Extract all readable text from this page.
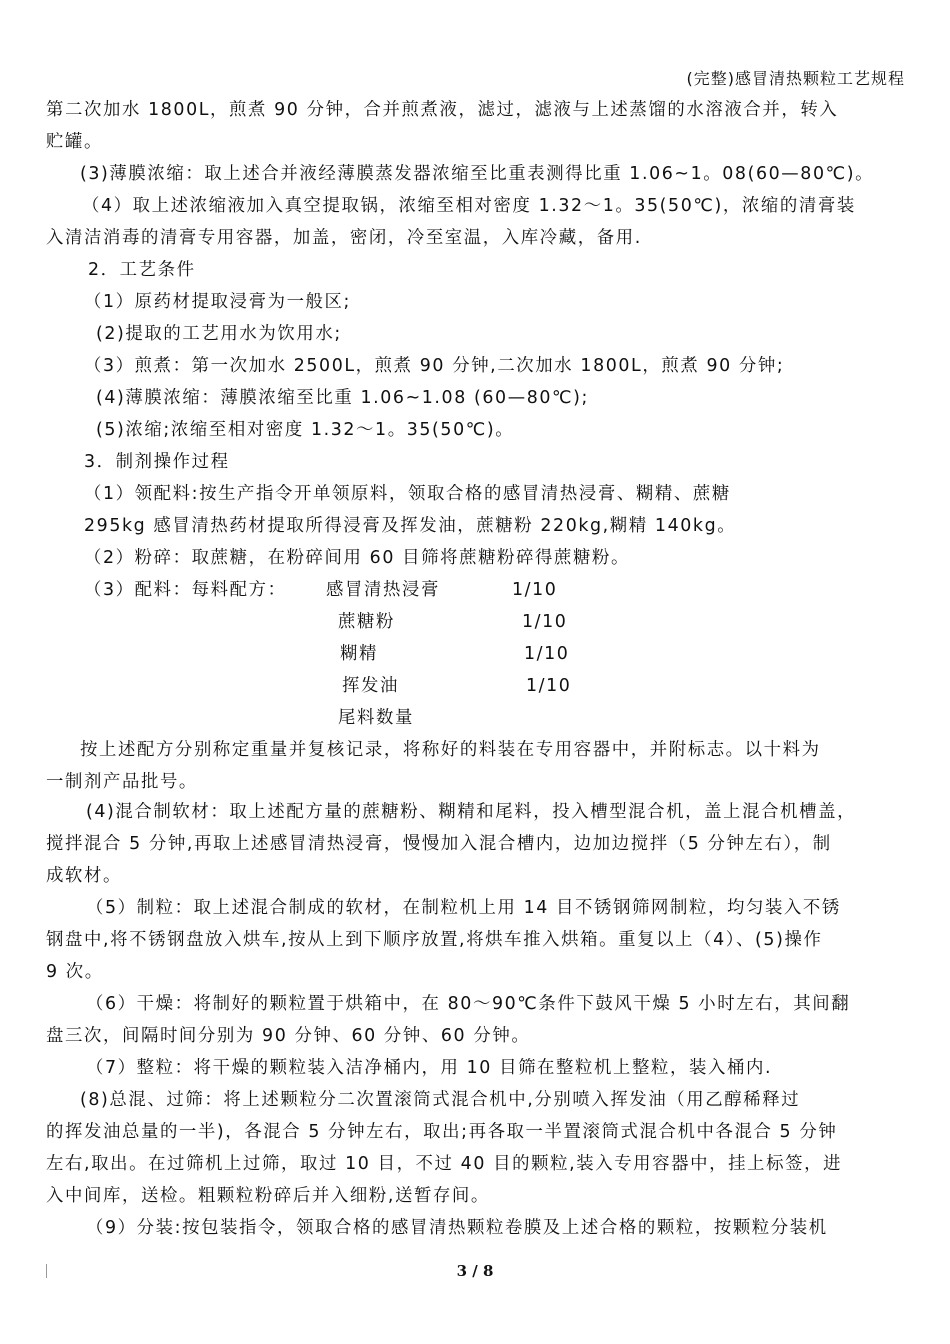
(完整)感冒清热颗粒工艺规程
第二次加水 1800L，煎煮 90 分钟，合并煎煮液，滤过，滤液与上述蒸馏的水溶液合并，转入
贮罐。
(3)薄膜浓缩：取上述合并液经薄膜蒸发器浓缩至比重表测得比重 1.06~1。08(60—80℃)。
（4）取上述浓缩液加入真空提取锅，浓缩至相对密度 1.32～1。35(50℃)，浓缩的清膏装
入清洁消毒的清膏专用容器，加盖，密闭，冷至室温，入库冷藏，备用.
2．工艺条件
（1）原药材提取浸膏为一般区;
(2)提取的工艺用水为饮用水;
（3）煎煮：第一次加水 2500L，煎煮 90 分钟,二次加水 1800L，煎煮 90 分钟;
(4)薄膜浓缩：薄膜浓缩至比重 1.06~1.08 (60—80℃);
(5)浓缩;浓缩至相对密度 1.32～1。35(50℃)。
3．制剂操作过程
（1）领配料:按生产指令开单领原料，领取合格的感冒清热浸膏、糊精、蔗糖
295kg 感冒清热药材提取所得浸膏及挥发油，蔗糖粉 220kg,糊精 140kg。
（2）粉碎：取蔗糖，在粉碎间用 60 目筛将蔗糖粉碎得蔗糖粉。
（3）配料：每料配方： 感冒清热浸膏	1/10
蔗糖粉	1/10
糊精	1/10
挥发油	1/10
尾料数量
按上述配方分别称定重量并复核记录，将称好的料装在专用容器中，并附标志。以十料为
一制剂产品批号。
(4)混合制软材：取上述配方量的蔗糖粉、糊精和尾料，投入槽型混合机，盖上混合机槽盖，
搅拌混合 5 分钟,再取上述感冒清热浸膏，慢慢加入混合槽内，边加边搅拌（5 分钟左右），制
成软材。
（5）制粒：取上述混合制成的软材，在制粒机上用 14 目不锈钢筛网制粒，均匀装入不锈
钢盘中,将不锈钢盘放入烘车,按从上到下顺序放置,将烘车推入烘箱。重复以上（4）、(5)操作
9 次。
（6）干燥：将制好的颗粒置于烘箱中，在 80～90℃条件下鼓风干燥 5 小时左右，其间翻
盘三次，间隔时间分别为 90 分钟、60 分钟、60 分钟。
（7）整粒：将干燥的颗粒装入洁净桶内，用 10 目筛在整粒机上整粒，装入桶内.
(8)总混、过筛：将上述颗粒分二次置滚筒式混合机中,分别喷入挥发油（用乙醇稀释过
的挥发油总量的一半)，各混合 5 分钟左右，取出;再各取一半置滚筒式混合机中各混合 5 分钟
左右,取出。在过筛机上过筛，取过 10 目，不过 40 目的颗粒,装入专用容器中，挂上标签，进
入中间库，送检。粗颗粒粉碎后并入细粉,送暂存间。
（9）分装:按包装指令，领取合格的感冒清热颗粒卷膜及上述合格的颗粒，按颗粒分装机
3 / 8
